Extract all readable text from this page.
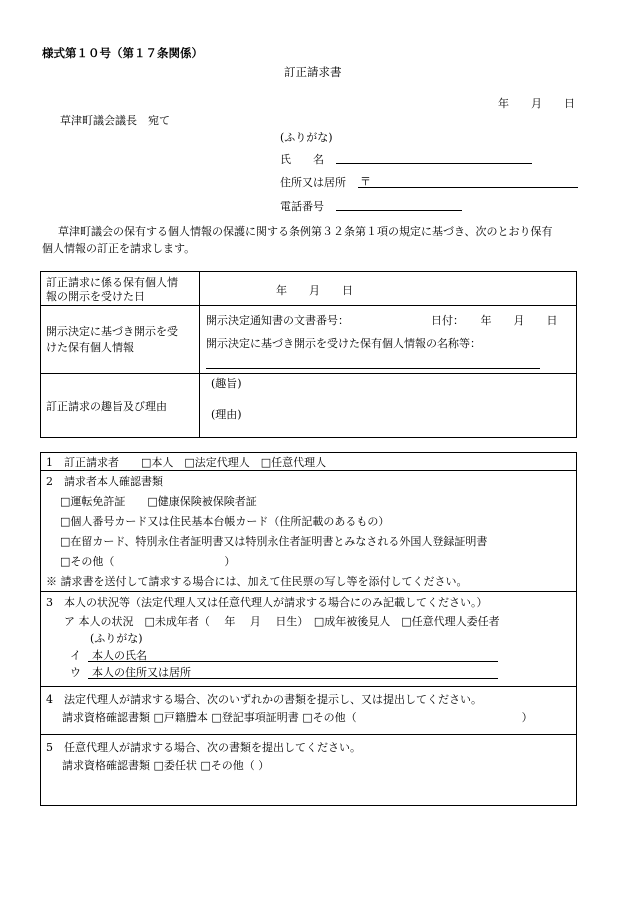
様式第１０号（第１７条関係）
訂正請求書
年　　月　　日
草津町議会議長　宛て
(ふりがな)
氏　　名
住所又は居所 〒
電話番号
草津町議会の保有する個人情報の保護に関する条例第３２条第１項の規定に基づき、次のとおり保有
個人情報の訂正を請求します。
訂正請求に係る保有個人情
報の開示を受けた日	年　　月　　日
開示決定に基づき開示を受
けた保有個人情報
開示決定通知書の文書番号：	日付：　　年　　月　　日
開示決定に基づき開示を受けた保有個人情報の名称等：
訂正請求の趣旨及び理由
(趣旨)
(理由)
1　訂正請求者　　□本人　□法定代理人　□任意代理人
2　請求者本人確認書類
□運転免許証　　□健康保険被保険者証
□個人番号カード又は住民基本台帳カード（住所記載のあるもの）
□在留カード、特別永住者証明書又は特別永住者証明書とみなされる外国人登録証明書
□その他（　　　　　　　　　　）
※ 請求書を送付して請求する場合には、加えて住民票の写し等を添付してください。
3　本人の状況等（法定代理人又は任意代理人が請求する場合にのみ記載してください。）
ア 本人の状況　□未成年者（　 年　 月　 日生）　□成年被後見人　□任意代理人委任者
(ふりがな)
イ　本人の氏名
ウ　本人の住所又は居所
4　法定代理人が請求する場合、次のいずれかの書類を提示し、又は提出してください。
請求資格確認書類 □戸籍謄本 □登記事項証明書 □その他（　　　　　　　　　　　　　　　）
5　任意代理人が請求する場合、次の書類を提出してください。
請求資格確認書類 □委任状 □その他（ ）
